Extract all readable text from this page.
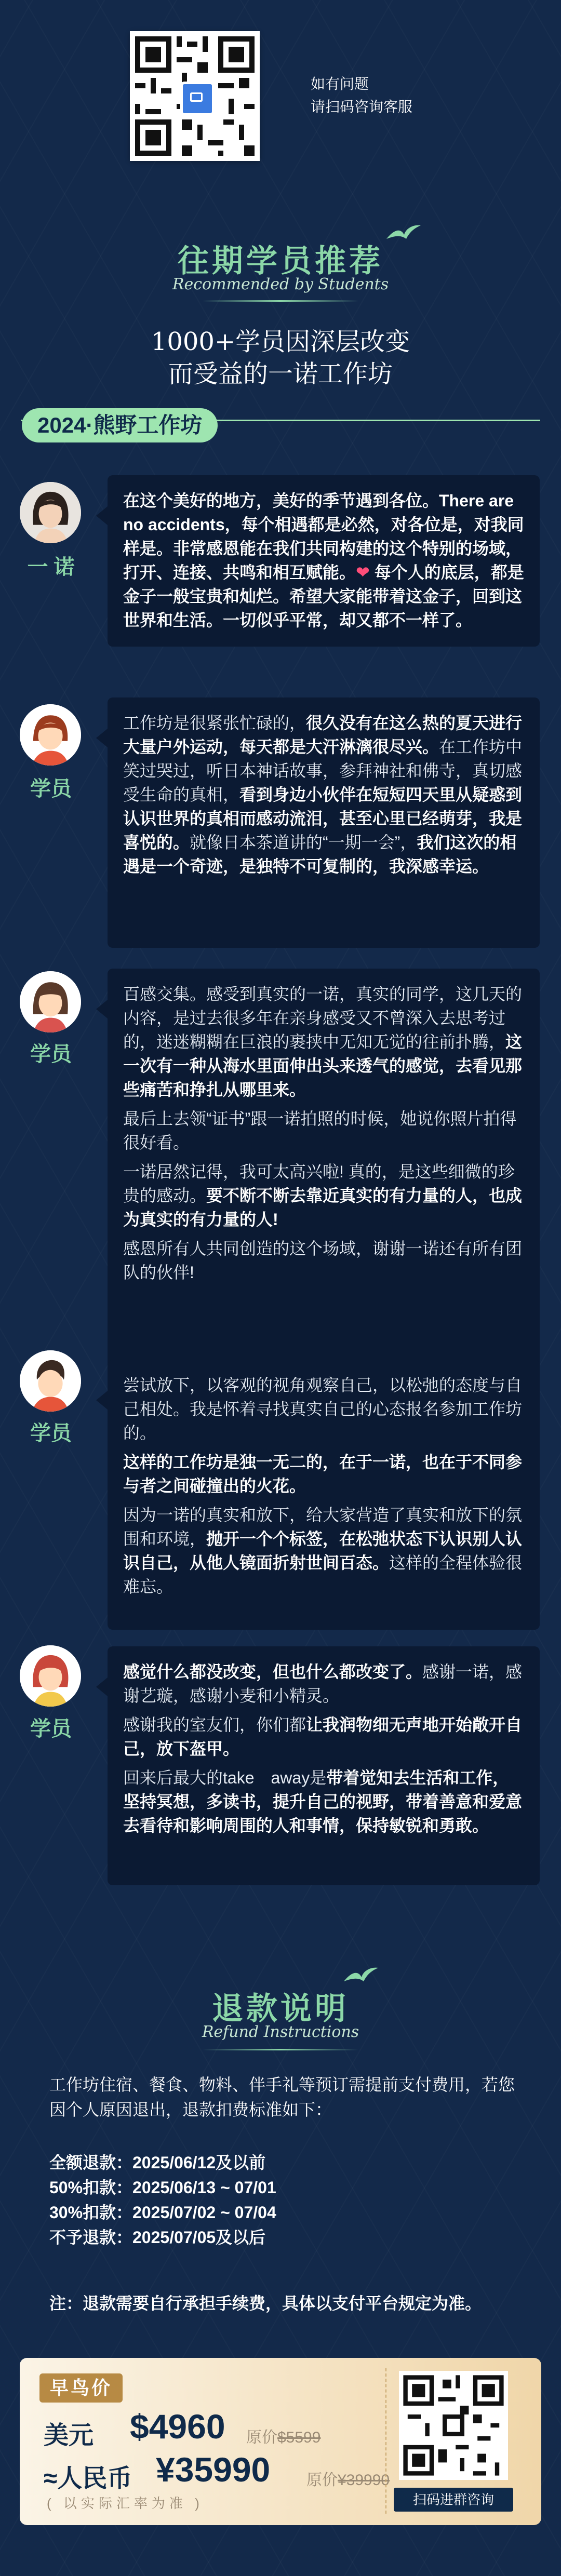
如有问题
请扫码咨询客服
往期学员推荐
Recommended by Students
1000+学员因深层改变
而受益的一诺工作坊
2024·熊野工作坊
一 诺

在这个美好的地方，美好的季节遇到各位。There are no accidents，每个相遇都是必然，对各位是，对我同样是。非常感恩能在我们共同构建的这个特别的场域，打开、连接、共鸣和相互赋能。❤ 每个人的底层，都是金子一般宝贵和灿烂。希望大家能带着这金子，回到这世界和生活。一切似乎平常，却又都不一样了。

学员

工作坊是很紧张忙碌的，很久没有在这么热的夏天进行大量户外运动，每天都是大汗淋漓很尽兴。在工作坊中笑过哭过，听日本神话故事，参拜神社和佛寺，真切感受生命的真相，看到身边小伙伴在短短四天里从疑惑到认识世界的真相而感动流泪，甚至心里已经萌芽，我是喜悦的。就像日本茶道讲的“一期一会”，我们这次的相遇是一个奇迹，是独特不可复制的，我深感幸运。

学员

百感交集。感受到真实的一诺，真实的同学，这几天的内容，是过去很多年在亲身感受又不曾深入去思考过的，迷迷糊糊在巨浪的裹挟中无知无觉的往前扑腾，这一次有一种从海水里面伸出头来透气的感觉，去看见那些痛苦和挣扎从哪里来。

最后上去领“证书”跟一诺拍照的时候，她说你照片拍得很好看。

一诺居然记得，我可太高兴啦! 真的，是这些细微的珍贵的感动。要不断不断去靠近真实的有力量的人，也成为真实的有力量的人!

感恩所有人共同创造的这个场域，谢谢一诺还有所有团队的伙伴!

学员

尝试放下，以客观的视角观察自己，以松弛的态度与自己相处。我是怀着寻找真实自己的心态报名参加工作坊的。

这样的工作坊是独一无二的，在于一诺，也在于不同参与者之间碰撞出的火花。

因为一诺的真实和放下，给大家营造了真实和放下的氛围和环境，抛开一个个标签，在松弛状态下认识别人认识自己，从他人镜面折射世间百态。这样的全程体验很难忘。

学员

感觉什么都没改变，但也什么都改变了。感谢一诺，感谢艺璇，感谢小麦和小精灵。

感谢我的室友们，你们都让我润物细无声地开始敞开自己，放下盔甲。

回来后最大的take　away是带着觉知去生活和工作，坚持冥想，多读书，提升自己的视野，带着善意和爱意去看待和影响周围的人和事情，保持敏锐和勇敢。

退款说明
Refund Instructions
工作坊住宿、餐食、物料、伴手礼等预订需提前支付费用，若您因个人原因退出，退款扣费标准如下：

全额退款：2025/06/12及以前

50%扣款：2025/06/13 ~ 07/01

30%扣款：2025/07/02 ~ 07/04

不予退款：2025/07/05及以后

注：退款需要自行承担手续费，具体以支付平台规定为准。
早鸟价
美元 $4960 原价$5599
≈人民币 ¥35990 原价¥39990
( 以实际汇率为准 )	扫码进群咨询
